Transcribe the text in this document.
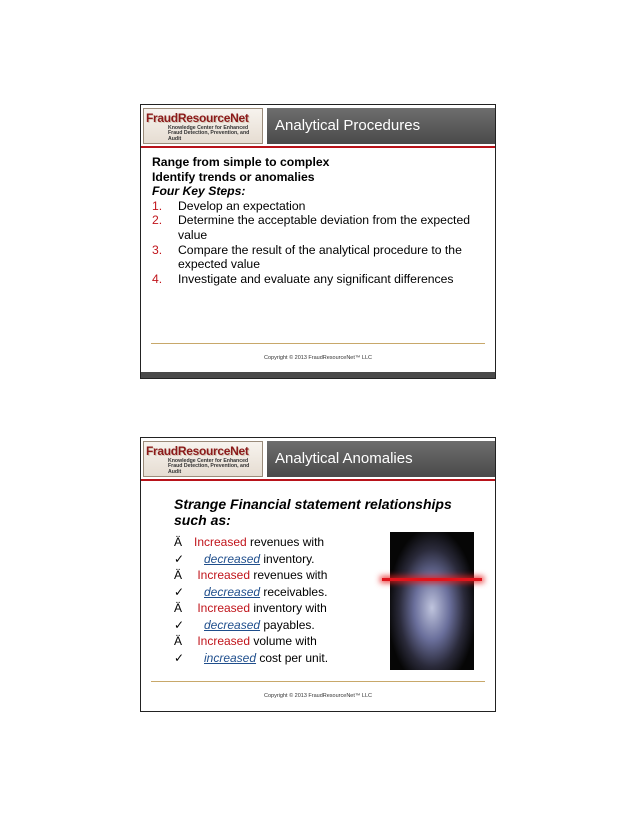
FraudResourceNet
Knowledge Center for Enhanced
Fraud Detection, Prevention, and Audit
Analytical Procedures
Range from simple to complex
Identify trends or anomalies
Four Key Steps:
1. Develop an expectation
2. Determine the acceptable deviation from the expected value
3. Compare the result of the analytical procedure to the expected value
4. Investigate and evaluate any significant differences
Copyright © 2013 FraudResourceNet™ LLC
FraudResourceNet
Knowledge Center for Enhanced
Fraud Detection, Prevention, and Audit
Analytical Anomalies
Strange Financial statement relationships such as:
Ä Increased revenues with
✓ decreased inventory.
Ä Increased revenues with
✓ decreased receivables.
Ä Increased inventory with
✓ decreased payables.
Ä Increased volume with
✓ increased cost per unit.
Copyright © 2013 FraudResourceNet™ LLC
